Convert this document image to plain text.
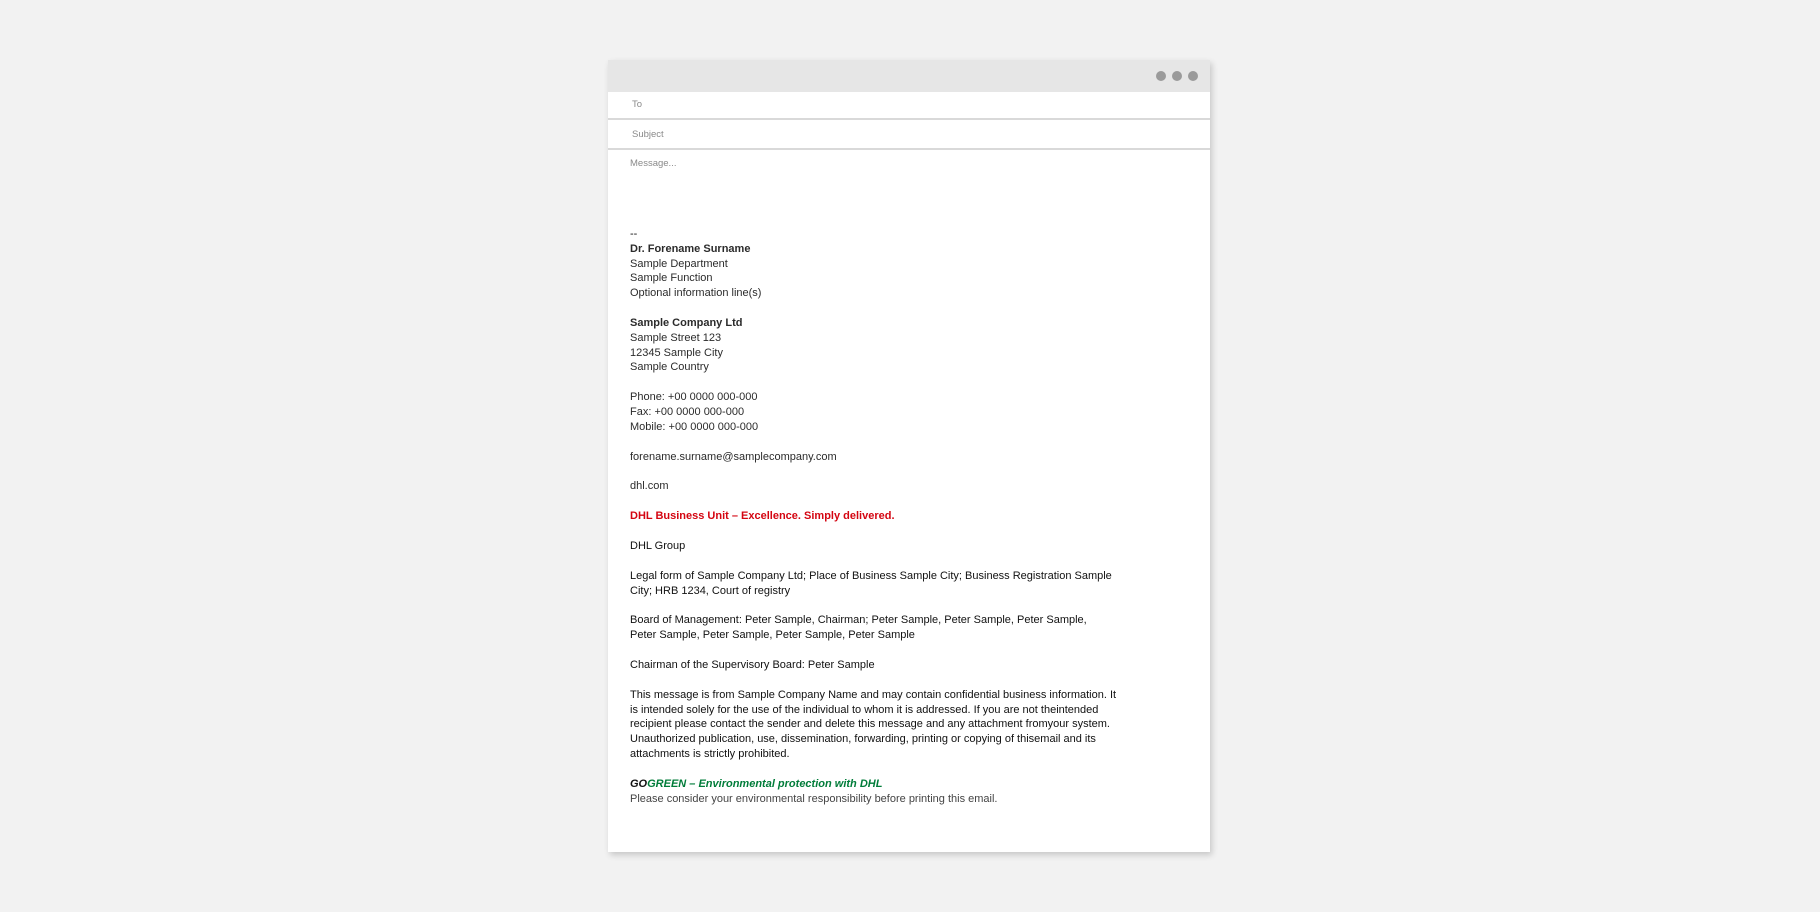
To
Subject
Message...
--
Dr. Forename Surname
Sample Department
Sample Function
Optional information line(s)
Sample Company Ltd
Sample Street 123
12345 Sample City
Sample Country
Phone: +00 0000 000-000
Fax: +00 0000 000-000
Mobile: +00 0000 000-000
forename.surname@samplecompany.com
dhl.com
DHL Business Unit – Excellence. Simply delivered.
DHL Group
Legal form of Sample Company Ltd; Place of Business Sample City; Business Registration Sample City; HRB 1234, Court of registry
Board of Management: Peter Sample, Chairman; Peter Sample, Peter Sample, Peter Sample, Peter Sample, Peter Sample, Peter Sample, Peter Sample
Chairman of the Supervisory Board: Peter Sample
This message is from Sample Company Name and may contain confidential business information. It is intended solely for the use of the individual to whom it is addressed. If you are not theintended recipient please contact the sender and delete this message and any attachment fromyour system. Unauthorized publication, use, dissemination, forwarding, printing or copying of thisemail and its attachments is strictly prohibited.
GOGREEN – Environmental protection with DHL
Please consider your environmental responsibility before printing this email.
